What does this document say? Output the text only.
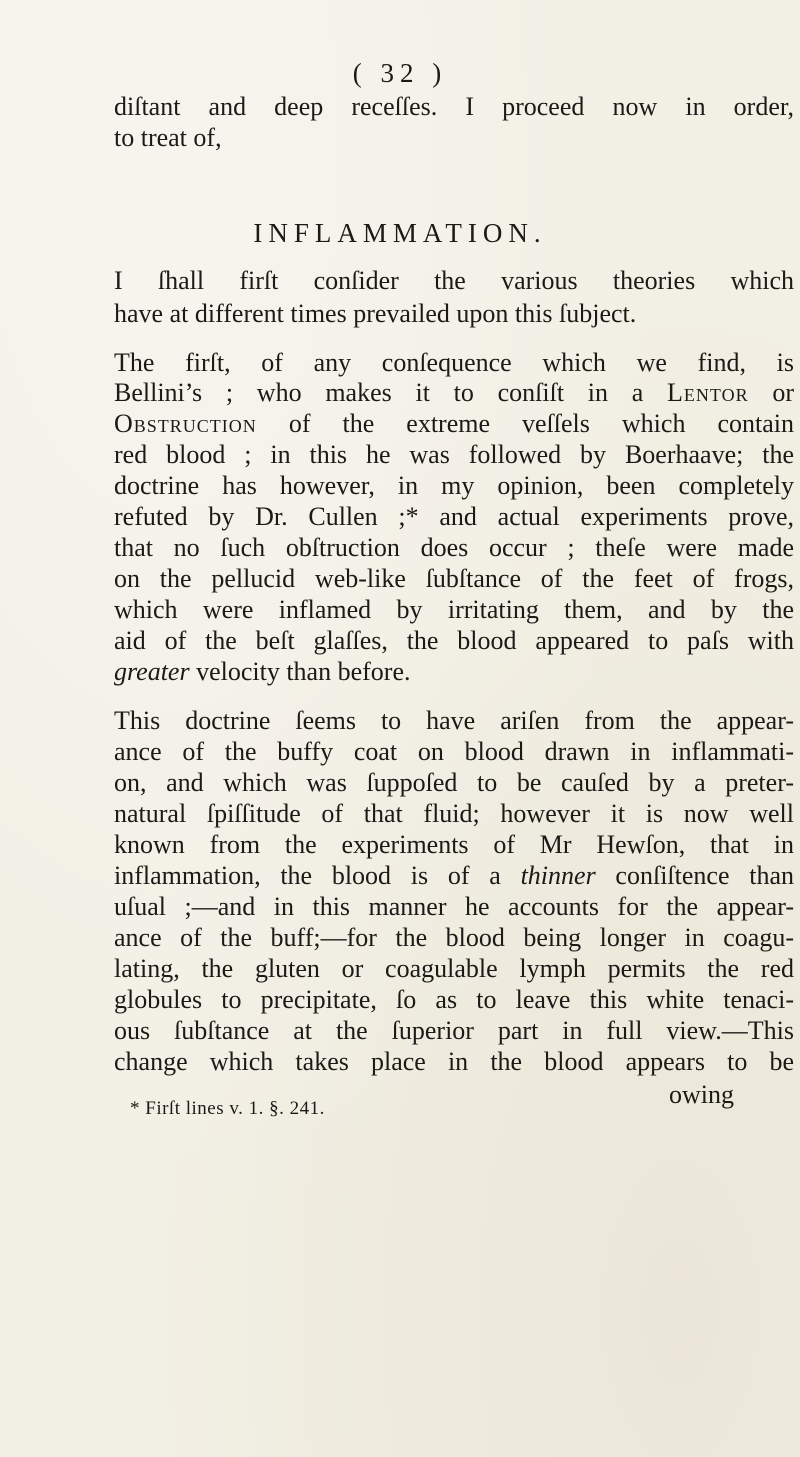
( 32 )
diſtant and deep receſſes. I proceed now in order,
to treat of,
INFLAMMATION.
I ſhall firſt conſider the various theories which
have at different times prevailed upon this ſubject.
The firſt, of any conſequence which we find, is
Bellini’s ; who makes it to conſiſt in a Lentor or
Obstruction of the extreme veſſels which contain
red blood ; in this he was followed by Boerhaave; the
doctrine has however, in my opinion, been completely
refuted by Dr. Cullen ;* and actual experiments prove,
that no ſuch obſtruction does occur ; theſe were made
on the pellucid web-like ſubſtance of the feet of frogs,
which were inflamed by irritating them, and by the
aid of the beſt glaſſes, the blood appeared to paſs with
greater velocity than before.
This doctrine ſeems to have ariſen from the appear-
ance of the buffy coat on blood drawn in inflammati-
on, and which was ſuppoſed to be cauſed by a preter-
natural ſpiſſitude of that fluid; however it is now well
known from the experiments of Mr Hewſon, that in
inflammation, the blood is of a thinner conſiſtence than
uſual ;—and in this manner he accounts for the appear-
ance of the buff;—for the blood being longer in coagu-
lating, the gluten or coagulable lymph permits the red
globules to precipitate, ſo as to leave this white tenaci-
ous ſubſtance at the ſuperior part in full view.—This
change which takes place in the blood appears to be
owing
* Firſt lines v. 1. §. 241.
